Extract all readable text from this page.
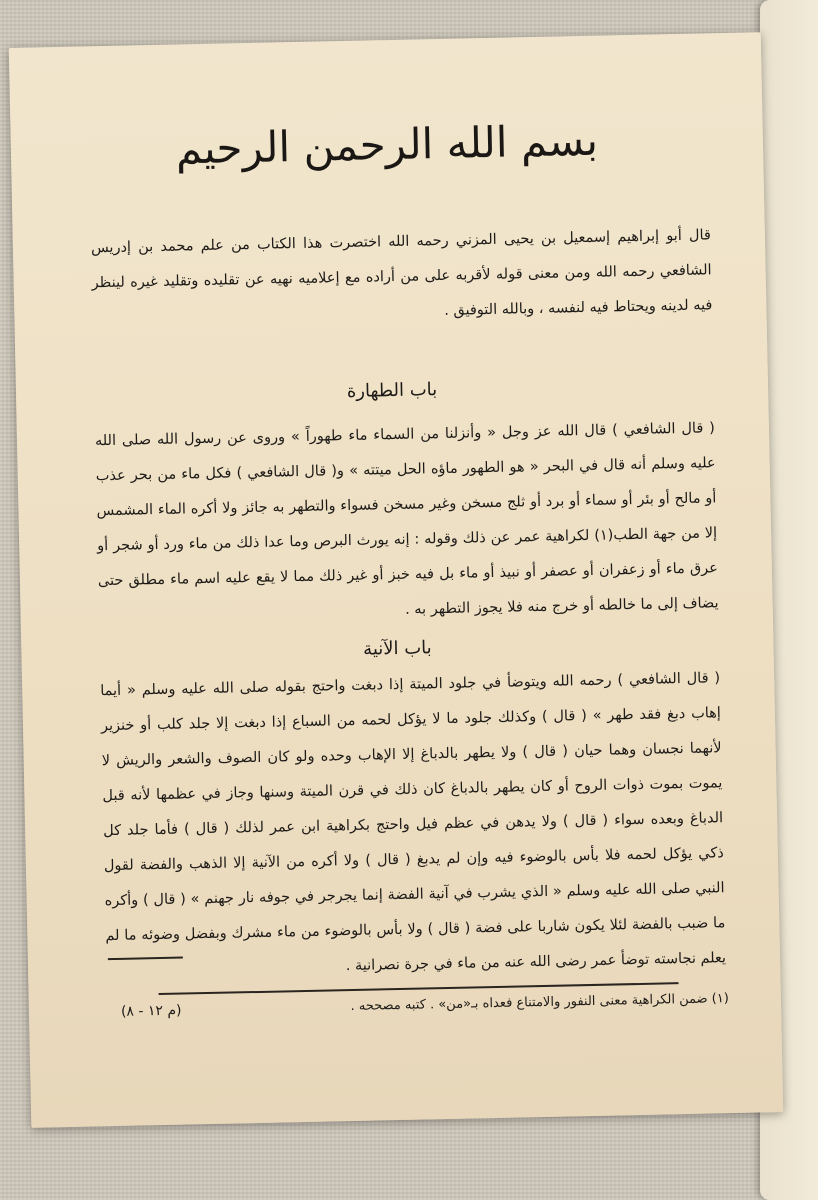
بسم الله الرحمن الرحيم

قال أبو إبراهيم إسمعيل بن يحيى المزني رحمه الله اختصرت هذا الكتاب من علم محمد بن إدريس الشافعي رحمه الله ومن معنى قوله لأقربه على من أراده مع إعلاميه نهيه عن تقليده وتقليد غيره لينظر فيه لدينه ويحتاط فيه لنفسه ، وبالله التوفيق .

باب الطهارة

( قال الشافعي ) قال الله عز وجل « وأنزلنا من السماء ماء طهوراً » وروى عن رسول الله صلى الله عليه وسلم أنه قال في البحر « هو الطهور ماؤه الحل ميتته » و( قال الشافعي ) فكل ماء من بحر عذب أو مالح أو بئر أو سماء أو برد أو ثلج مسخن وغير مسخن فسواء والتطهر به جائز ولا أكره الماء المشمس إلا من جهة الطب(١) لكراهية عمر عن ذلك وقوله : إنه يورث البرص وما عدا ذلك من ماء ورد أو شجر أو عرق ماء أو زعفران أو عصفر أو نبيذ أو ماء بل فيه خبز أو غير ذلك مما لا يقع عليه اسم ماء مطلق حتى يضاف إلى ما خالطه أو خرج منه فلا يجوز التطهر به .

باب الآنية

( قال الشافعي ) رحمه الله ويتوضأ في جلود الميتة إذا دبغت واحتج بقوله صلى الله عليه وسلم « أيما إهاب دبغ فقد طهر » ( قال ) وكذلك جلود ما لا يؤكل لحمه من السباع إذا دبغت إلا جلد كلب أو خنزير لأنهما نجسان وهما حيان ( قال ) ولا يطهر بالدباغ إلا الإهاب وحده ولو كان الصوف والشعر والريش لا يموت بموت ذوات الروح أو كان يطهر بالدباغ كان ذلك في قرن الميتة وسنها وجاز في عظمها لأنه قبل الدباغ وبعده سواء ( قال ) ولا يدهن في عظم فيل واحتج بكراهية ابن عمر لذلك ( قال ) فأما جلد كل ذكي يؤكل لحمه فلا بأس بالوضوء فيه وإن لم يدبغ ( قال ) ولا أكره من الآنية إلا الذهب والفضة لقول النبي صلى الله عليه وسلم « الذي يشرب في آنية الفضة إنما يجرجر في جوفه نار جهنم » ( قال ) وأكره ما ضبب بالفضة لئلا يكون شاربا على فضة ( قال ) ولا بأس بالوضوء من ماء مشرك وبفضل وضوئه ما لم يعلم نجاسته توضأ عمر رضى الله عنه من ماء في جرة نصرانية .

(١) ضمن الكراهية معنى النفور والامتناع فعداه بـ«من» . كتبه مصححه .
(م ١٢ - ٨)
